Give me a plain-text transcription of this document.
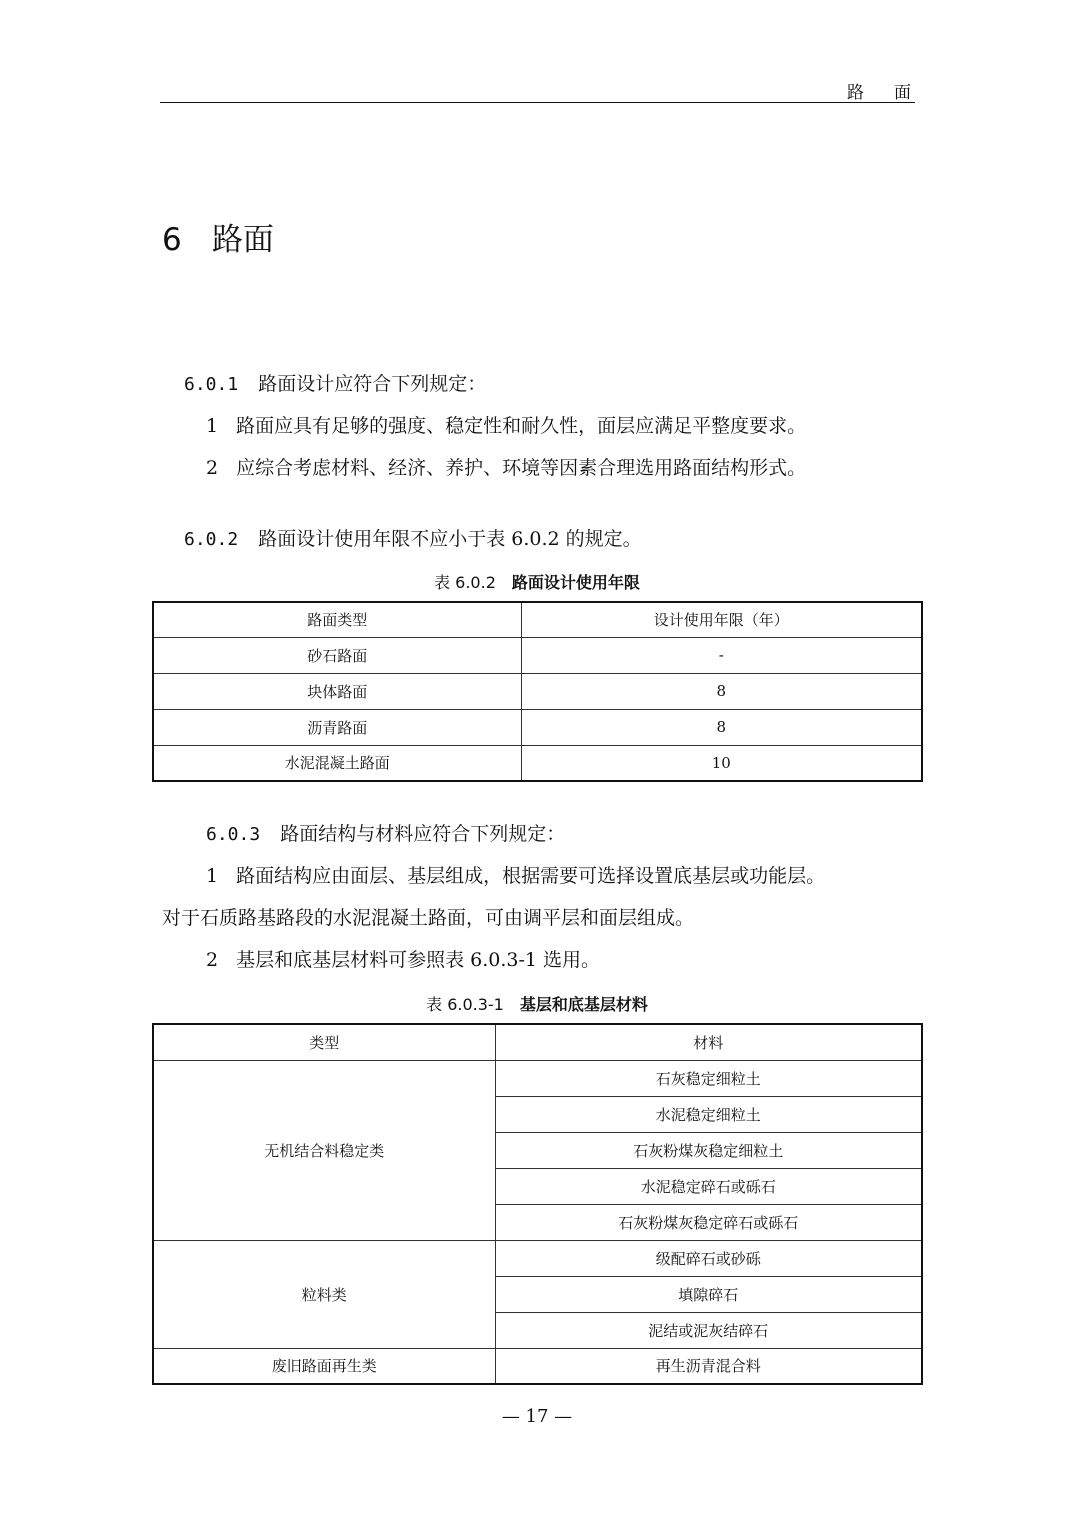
路 面
6 路面
6.0.1 路面设计应符合下列规定：
1 路面应具有足够的强度、稳定性和耐久性，面层应满足平整度要求。
2 应综合考虑材料、经济、养护、环境等因素合理选用路面结构形式。
6.0.2 路面设计使用年限不应小于表 6.0.2 的规定。
表 6.0.2 路面设计使用年限
路面类型	设计使用年限（年）
砂石路面	-
块体路面	8
沥青路面	8
水泥混凝土路面	10
6.0.3 路面结构与材料应符合下列规定：
1 路面结构应由面层、基层组成，根据需要可选择设置底基层或功能层。
对于石质路基路段的水泥混凝土路面，可由调平层和面层组成。
2 基层和底基层材料可参照表 6.0.3-1 选用。
表 6.0.3-1 基层和底基层材料
类型	材料
无机结合料稳定类	石灰稳定细粒土
	水泥稳定细粒土
	石灰粉煤灰稳定细粒土
	水泥稳定碎石或砾石
	石灰粉煤灰稳定碎石或砾石
粒料类	级配碎石或砂砾
	填隙碎石
	泥结或泥灰结碎石
废旧路面再生类	再生沥青混合料
— 17 —
